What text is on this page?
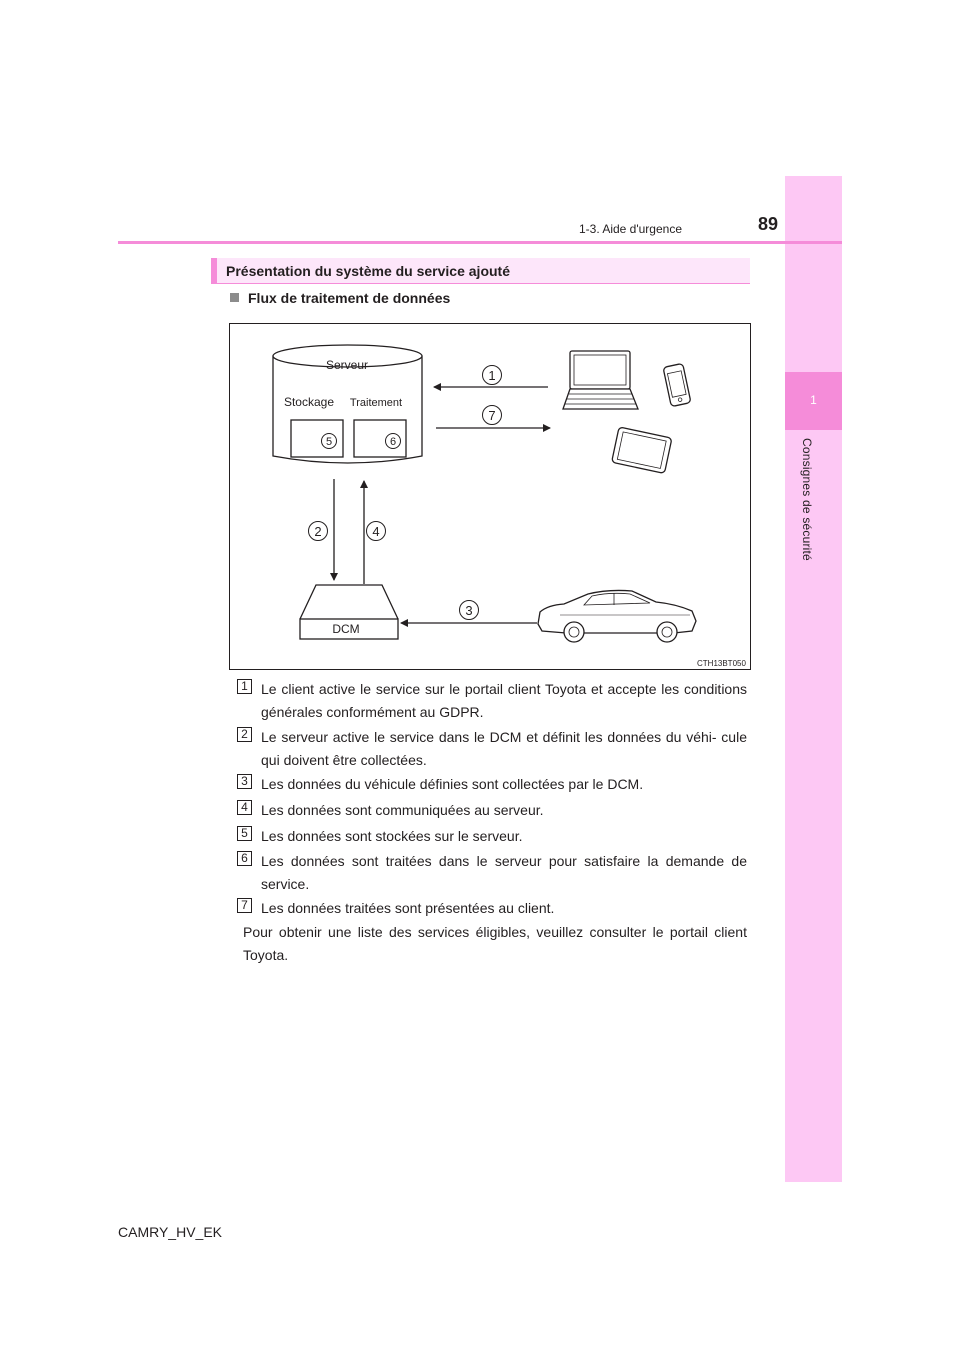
1
Consignes de sécurité
89
1-3. Aide d'urgence
Présentation du système du service ajouté
Flux de traitement de données
Serveur
Stockage Traitement
5	6
1
7
2	4
DCM
3
CTH13BT050
1 Le client active le service sur le portail client Toyota et accepte les conditions générales conformément au GDPR.
2 Le serveur active le service dans le DCM et définit les données du véhi- cule qui doivent être collectées.
3 Les données du véhicule définies sont collectées par le DCM.
4 Les données sont communiquées au serveur.
5 Les données sont stockées sur le serveur.
6 Les données sont traitées dans le serveur pour satisfaire la demande de service.
7 Les données traitées sont présentées au client.
Pour obtenir une liste des services éligibles, veuillez consulter le portail client Toyota.
CAMRY_HV_EK
